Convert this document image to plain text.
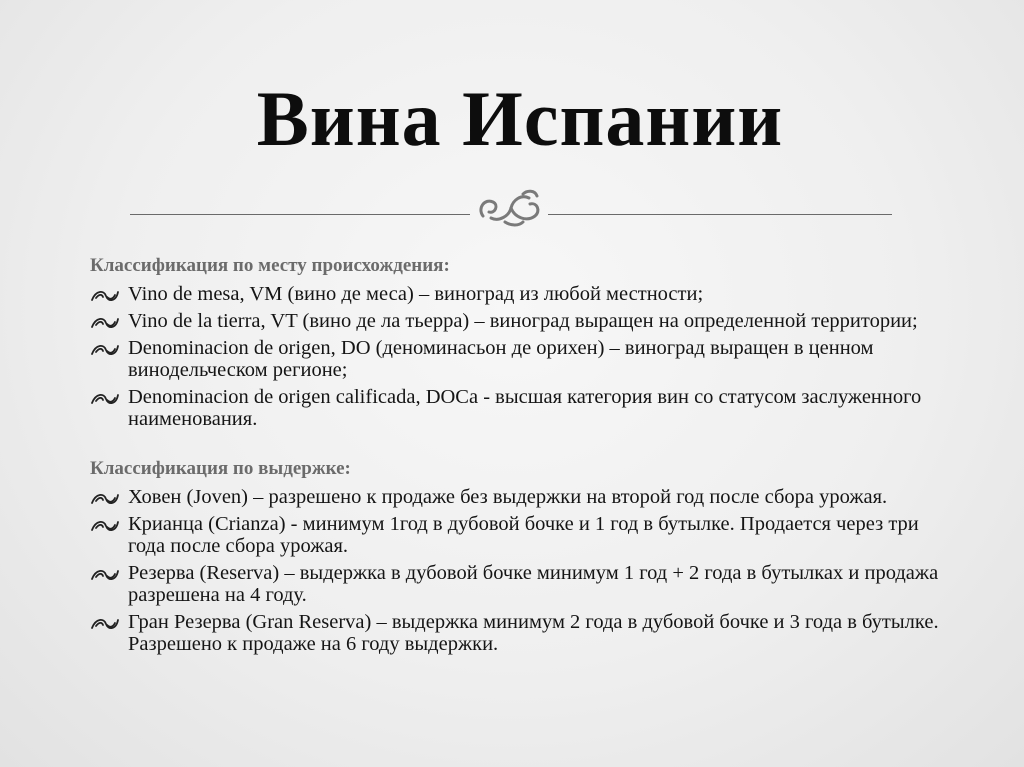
Вина Испании
Классификация по месту происхождения:
Vino de mesa, VM (вино де меса) – виноград из любой местности;
Vino de la tierra, VT (вино де ла тьерра) – виноград выращен на определенной территории;
Denominacion de origen, DO (деноминасьон де орихен) – виноград выращен в ценном винодельческом регионе;
Denominacion de origen calificada, DOCa - высшая категория вин со статусом заслуженного наименования.
Классификация по выдержке:
Ховен (Joven) – разрешено к продаже без выдержки на второй год после сбора урожая.
Крианца (Crianza) - минимум 1год в дубовой бочке и 1 год в бутылке. Продается через три года после сбора урожая.
Резерва (Reserva) – выдержка в дубовой бочке минимум 1 год + 2 года в бутылках и продажа разрешена на 4 году.
Гран Резерва (Gran Reserva) – выдержка минимум 2 года в дубовой бочке и 3 года в бутылке. Разрешено к продаже на 6 году выдержки.
